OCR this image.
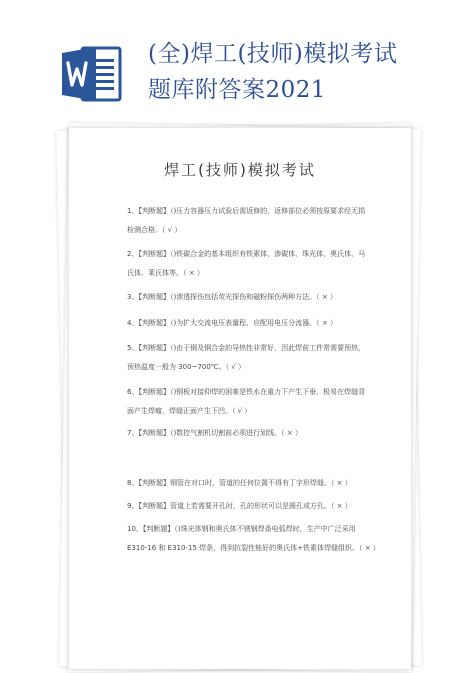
(全)焊工(技师)模拟考试
题库附答案2021
焊工(技师)模拟考试
1、【判断题】（)压力容器压力试验后需返修的，返修部位必须按原要求经无损
检测合格。（ √ ）
2、【判断题】（)铁碳合金的基本组织有铁素体、渗碳体、珠光体、奥氏体、马
氏体、莱氏体等。（ × ）
3、【判断题】（)渗透探伤包括荧光探伤和磁粉探伤两种方法。（ × ）
4、【判断题】（)为扩大交流电压表量程，应配用电压分流器。（ × ）
5、【判断题】（)由于铜及铜合金的导热性非常好，因此焊前工件常需要预热，
预热温度一般为 300~700℃。（ √ ）
6、【判断题】（)钢板对接仰焊的困难是铁水在重力下产生下垂，极易在焊缝背
面产生焊瘤，焊缝正面产生下凹。（ √ ）
7、【判断题】（)数控气割机切割前必须进行划线。（ × ）
8、【判断题】钢管在对口时，管道的任何位置不得有丁字形焊缝。（ × ）
9、【判断题】管道上若需要开孔时，孔的形状可以是圆孔或方孔。（ × ）
10、【判断题】（)珠光体钢和奥氏体不锈钢焊条电弧焊时，生产中广泛采用
E310-16 和 E310-15 焊条，得到抗裂性能好的奥氏体+铁素体焊缝组织。（ × ）
